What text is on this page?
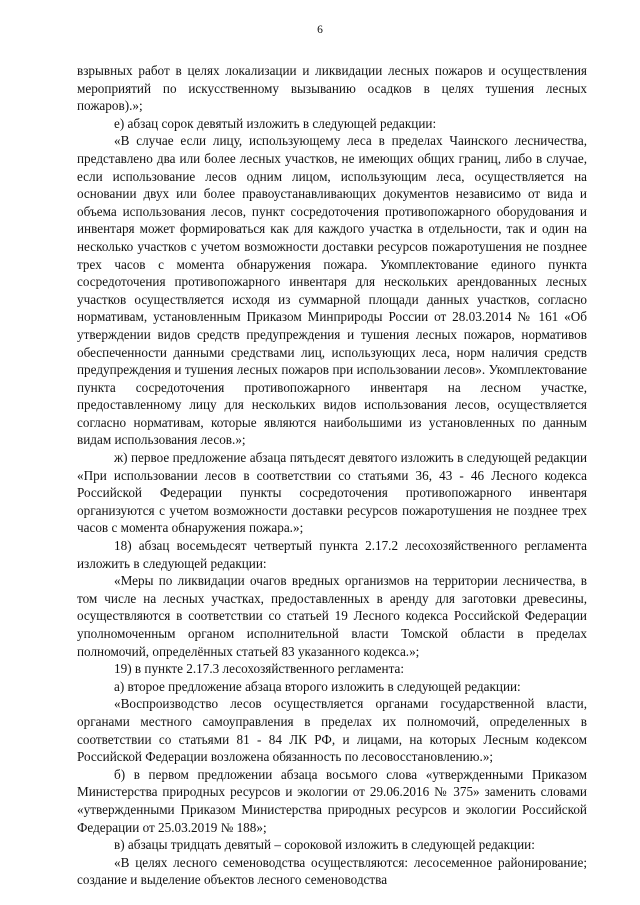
6

взрывных работ в целях локализации и ликвидации лесных пожаров и осуществления мероприятий по искусственному вызыванию осадков в целях тушения лесных пожаров).»;

е) абзац сорок девятый изложить в следующей редакции:

«В случае если лицу, использующему леса в пределах Чаинского лесничества, представлено два или более лесных участков, не имеющих общих границ, либо в случае, если использование лесов одним лицом, использующим леса, осуществляется на основании двух или более правоустанавливающих документов независимо от вида и объема использования лесов, пункт сосредоточения противопожарного оборудования и инвентаря может формироваться как для каждого участка в отдельности, так и один на несколько участков с учетом возможности доставки ресурсов пожаротушения не позднее трех часов с момента обнаружения пожара. Укомплектование единого пункта сосредоточения противопожарного инвентаря для нескольких арендованных лесных участков осуществляется исходя из суммарной площади данных участков, согласно нормативам, установленным Приказом Минприроды России от 28.03.2014 № 161 «Об утверждении видов средств предупреждения и тушения лесных пожаров, нормативов обеспеченности данными средствами лиц, использующих леса, норм наличия средств предупреждения и тушения лесных пожаров при использовании лесов». Укомплектование пункта сосредоточения противопожарного инвентаря на лесном участке, предоставленному лицу для нескольких видов использования лесов, осуществляется согласно нормативам, которые являются наибольшими из установленных по данным видам использования лесов.»;

ж) первое предложение абзаца пятьдесят девятого изложить в следующей редакции «При использовании лесов в соответствии со статьями 36, 43 - 46 Лесного кодекса Российской Федерации пункты сосредоточения противопожарного инвентаря организуются с учетом возможности доставки ресурсов пожаротушения не позднее трех часов с момента обнаружения пожара.»;

18) абзац восемьдесят четвертый пункта 2.17.2 лесохозяйственного регламента изложить в следующей редакции:

«Меры по ликвидации очагов вредных организмов на территории лесничества, в том числе на лесных участках, предоставленных в аренду для заготовки древесины, осуществляются в соответствии со статьей 19 Лесного кодекса Российской Федерации уполномоченным органом исполнительной власти Томской области в пределах полномочий, определённых статьей 83 указанного кодекса.»;

19) в пункте 2.17.3 лесохозяйственного регламента:

а) второе предложение абзаца второго изложить в следующей редакции:

«Воспроизводство лесов осуществляется органами государственной власти, органами местного самоуправления в пределах их полномочий, определенных в соответствии со статьями 81 - 84 ЛК РФ, и лицами, на которых Лесным кодексом Российской Федерации возложена обязанность по лесовосстановлению.»;

б) в первом предложении абзаца восьмого слова «утвержденными Приказом Министерства природных ресурсов и экологии от 29.06.2016 № 375» заменить словами «утвержденными Приказом Министерства природных ресурсов и экологии Российской Федерации от 25.03.2019 № 188»;

в) абзацы тридцать девятый – сороковой изложить в следующей редакции:

«В целях лесного семеноводства осуществляются: лесосеменное районирование; создание и выделение объектов лесного семеноводства
